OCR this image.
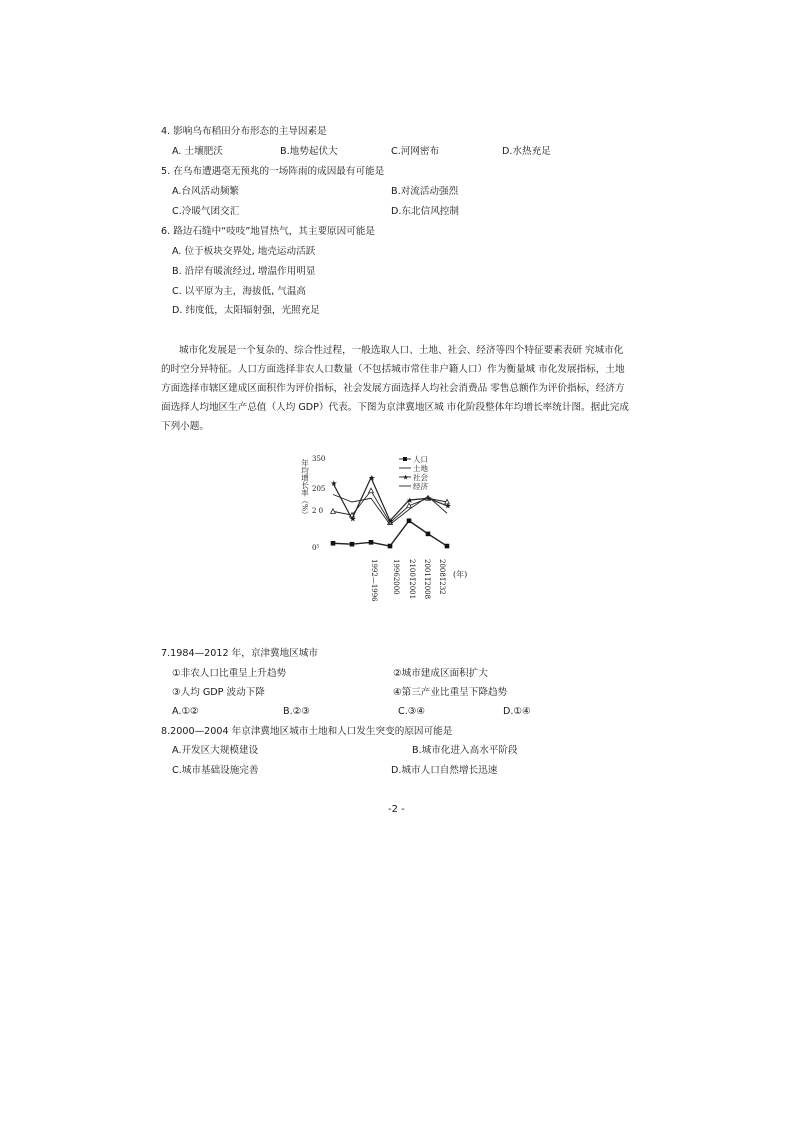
4. 影响乌布稻田分布形态的主导因素是
A. 土壤肥沃	B.地势起伏大	C.河网密布	D.水热充足
5. 在乌布遭遇毫无预兆的一场阵雨的成因最有可能是
A.台风活动频繁	B.对流活动强烈
C.冷暖气团交汇	D.东北信风控制
6. 路边石缝中“吱吱”地冒热气，其主要原因可能是
A. 位于板块交界处, 地壳运动活跃
B. 沿岸有暖流经过, 增温作用明显
C. 以平原为主，海拔低, 气温高
D. 纬度低，太阳辐射强，光照充足
城市化发展是一个复杂的、综合性过程，一般选取人口、土地、社会、经济等四个特征要素表研 究城市化
的时空分异特征。人口方面选择非农人口数量（不包括城市常住非户籍人口）作为衡量城 市化发展指标，土地
方面选择市辖区建成区面积作为评价指标，社会发展方面选择人均社会消费品 零售总额作为评价指标，经济方
面选择人均地区生产总值（人均 GDP）代表。下图为京津冀地区城 市化阶段整体年均增长率统计图。据此完成
下列小题。
年均增长率（%） 350
205
2 0
0⁵
★
★
★
★
★ ★
★
人口
土地
★ 社会
经济
1992—1996 19962000 21001̈2001 20011̈2008 20081̈232 (年)
7.1984—2012 年，京津冀地区城市
①非农人口比重呈上升趋势	②城市建成区面积扩大
③人均 GDP 波动下降	④第三产业比重呈下降趋势
A.①②	B.②③	C.③④	D.①④
8.2000—2004 年京津冀地区城市土地和人口发生突变的原因可能是
A.开发区大规模建设	B.城市化进入高水平阶段
C.城市基础设施完善	D.城市人口自然增长迅速
-2 -
